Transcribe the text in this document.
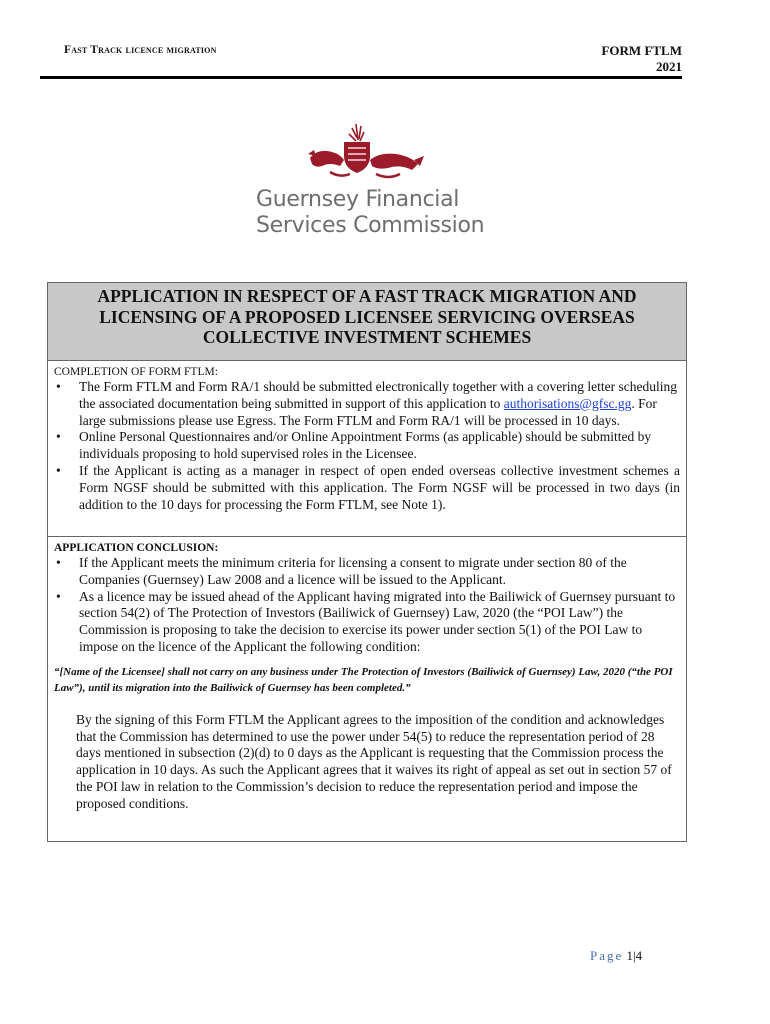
Fast Track licence migration	FORM FTLM
2021
Guernsey Financial
Services Commission
APPLICATION IN RESPECT OF A FAST TRACK MIGRATION AND
LICENSING OF A PROPOSED LICENSEE SERVICING OVERSEAS
COLLECTIVE INVESTMENT SCHEMES
COMPLETION OF FORM FTLM:
• The Form FTLM and Form RA/1 should be submitted electronically together with a covering letter scheduling the associated documentation being submitted in support of this application to authorisations@gfsc.gg. For large submissions please use Egress. The Form FTLM and Form RA/1 will be processed in 10 days.
• Online Personal Questionnaires and/or Online Appointment Forms (as applicable) should be submitted by individuals proposing to hold supervised roles in the Licensee.
• If the Applicant is acting as a manager in respect of open ended overseas collective investment schemes a Form NGSF should be submitted with this application. The Form NGSF will be processed in two days (in addition to the 10 days for processing the Form FTLM, see Note 1).
APPLICATION CONCLUSION:
• If the Applicant meets the minimum criteria for licensing a consent to migrate under section 80 of the Companies (Guernsey) Law 2008 and a licence will be issued to the Applicant.
• As a licence may be issued ahead of the Applicant having migrated into the Bailiwick of Guernsey pursuant to section 54(2) of The Protection of Investors (Bailiwick of Guernsey) Law, 2020 (the “POI Law”) the Commission is proposing to take the decision to exercise its power under section 5(1) of the POI Law to impose on the licence of the Applicant the following condition:
“[Name of the Licensee] shall not carry on any business under The Protection of Investors (Bailiwick of Guernsey) Law, 2020 (“the POI Law”), until its migration into the Bailiwick of Guernsey has been completed.”
By the signing of this Form FTLM the Applicant agrees to the imposition of the condition and acknowledges that the Commission has determined to use the power under 54(5) to reduce the representation period of 28 days mentioned in subsection (2)(d) to 0 days as the Applicant is requesting that the Commission process the application in 10 days. As such the Applicant agrees that it waives its right of appeal as set out in section 57 of the POI law in relation to the Commission’s decision to reduce the representation period and impose the proposed conditions.
Page 1|4
